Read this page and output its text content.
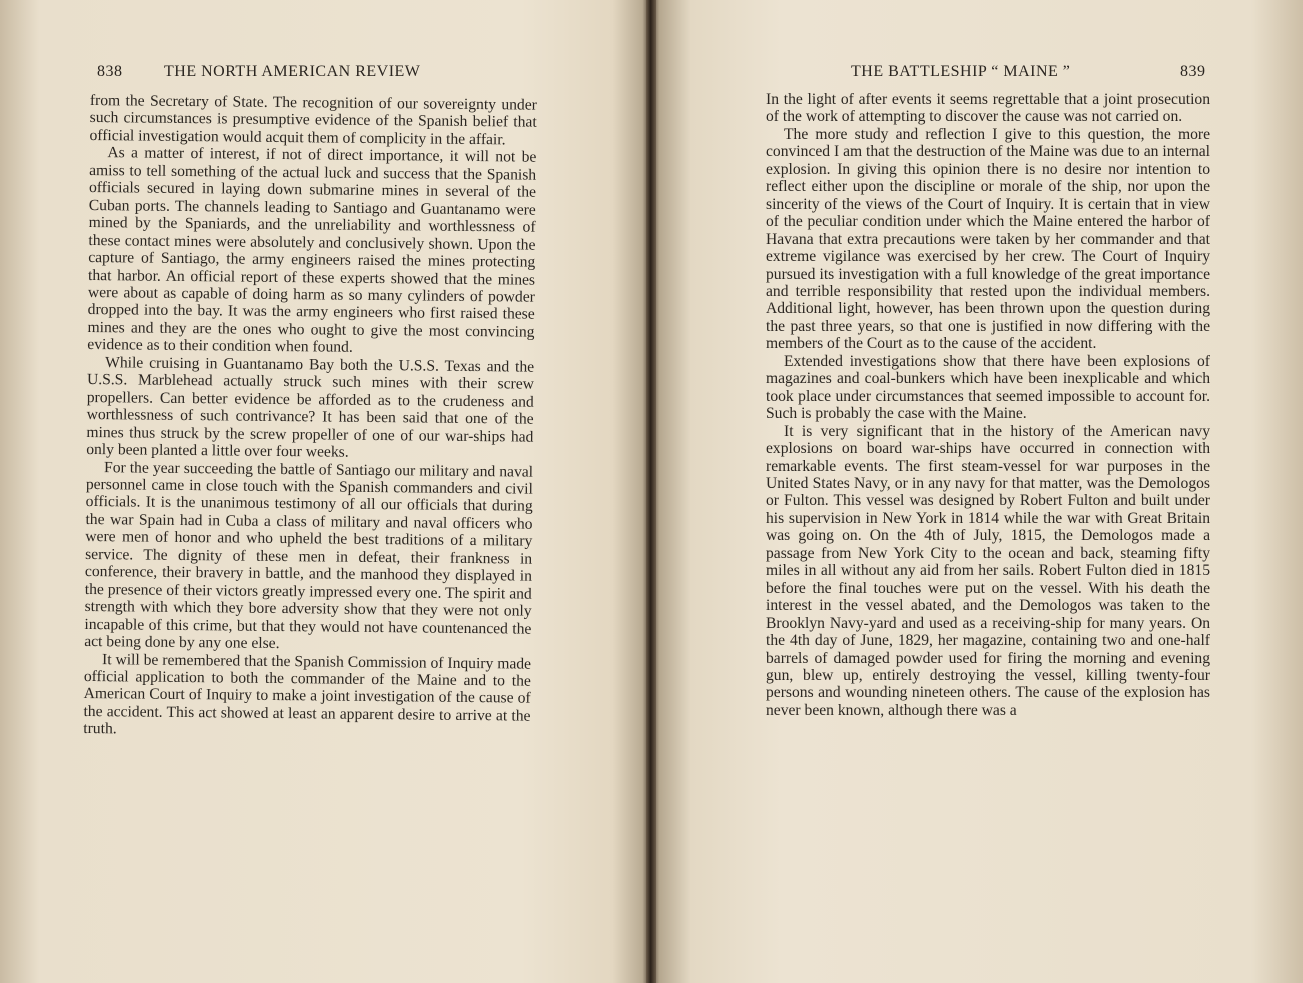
838	THE NORTH AMERICAN REVIEW

from the Secretary of State. The recognition of our sovereignty under such circumstances is presumptive evidence of the Spanish belief that official investigation would acquit them of complicity in the affair.

As a matter of interest, if not of direct importance, it will not be amiss to tell something of the actual luck and success that the Spanish officials secured in laying down submarine mines in several of the Cuban ports. The channels leading to Santiago and Guantanamo were mined by the Spaniards, and the unreliability and worthlessness of these contact mines were absolutely and conclusively shown. Upon the capture of Santiago, the army engineers raised the mines protecting that harbor. An official report of these experts showed that the mines were about as capable of doing harm as so many cylinders of powder dropped into the bay. It was the army engineers who first raised these mines and they are the ones who ought to give the most convincing evidence as to their condition when found.

While cruising in Guantanamo Bay both the U.S.S. Texas and the U.S.S. Marblehead actually struck such mines with their screw propellers. Can better evidence be afforded as to the crudeness and worthlessness of such contrivance? It has been said that one of the mines thus struck by the screw propeller of one of our war-ships had only been planted a little over four weeks.

For the year succeeding the battle of Santiago our military and naval personnel came in close touch with the Spanish commanders and civil officials. It is the unanimous testimony of all our officials that during the war Spain had in Cuba a class of military and naval officers who were men of honor and who upheld the best traditions of a military service. The dignity of these men in defeat, their frankness in conference, their bravery in battle, and the manhood they displayed in the presence of their victors greatly impressed every one. The spirit and strength with which they bore adversity show that they were not only incapable of this crime, but that they would not have countenanced the act being done by any one else.

It will be remembered that the Spanish Commission of Inquiry made official application to both the commander of the Maine and to the American Court of Inquiry to make a joint investigation of the cause of the accident. This act showed at least an apparent desire to arrive at the truth.

THE BATTLESHIP “ MAINE ”	839

In the light of after events it seems regrettable that a joint prosecution of the work of attempting to discover the cause was not carried on.

The more study and reflection I give to this question, the more convinced I am that the destruction of the Maine was due to an internal explosion. In giving this opinion there is no desire nor intention to reflect either upon the discipline or morale of the ship, nor upon the sincerity of the views of the Court of Inquiry. It is certain that in view of the peculiar condition under which the Maine entered the harbor of Havana that extra precautions were taken by her commander and that extreme vigilance was exercised by her crew. The Court of Inquiry pursued its investigation with a full knowledge of the great importance and terrible responsibility that rested upon the individual members. Additional light, however, has been thrown upon the question during the past three years, so that one is justified in now differing with the members of the Court as to the cause of the accident.

Extended investigations show that there have been explosions of magazines and coal-bunkers which have been inexplicable and which took place under circumstances that seemed impossible to account for. Such is probably the case with the Maine.

It is very significant that in the history of the American navy explosions on board war-ships have occurred in connection with remarkable events. The first steam-vessel for war purposes in the United States Navy, or in any navy for that matter, was the Demologos or Fulton. This vessel was designed by Robert Fulton and built under his supervision in New York in 1814 while the war with Great Britain was going on. On the 4th of July, 1815, the Demologos made a passage from New York City to the ocean and back, steaming fifty miles in all without any aid from her sails. Robert Fulton died in 1815 before the final touches were put on the vessel. With his death the interest in the vessel abated, and the Demologos was taken to the Brooklyn Navy-yard and used as a receiving-ship for many years. On the 4th day of June, 1829, her magazine, containing two and one-half barrels of damaged powder used for firing the morning and evening gun, blew up, entirely destroying the vessel, killing twenty-four persons and wounding nineteen others. The cause of the explosion has never been known, although there was a
